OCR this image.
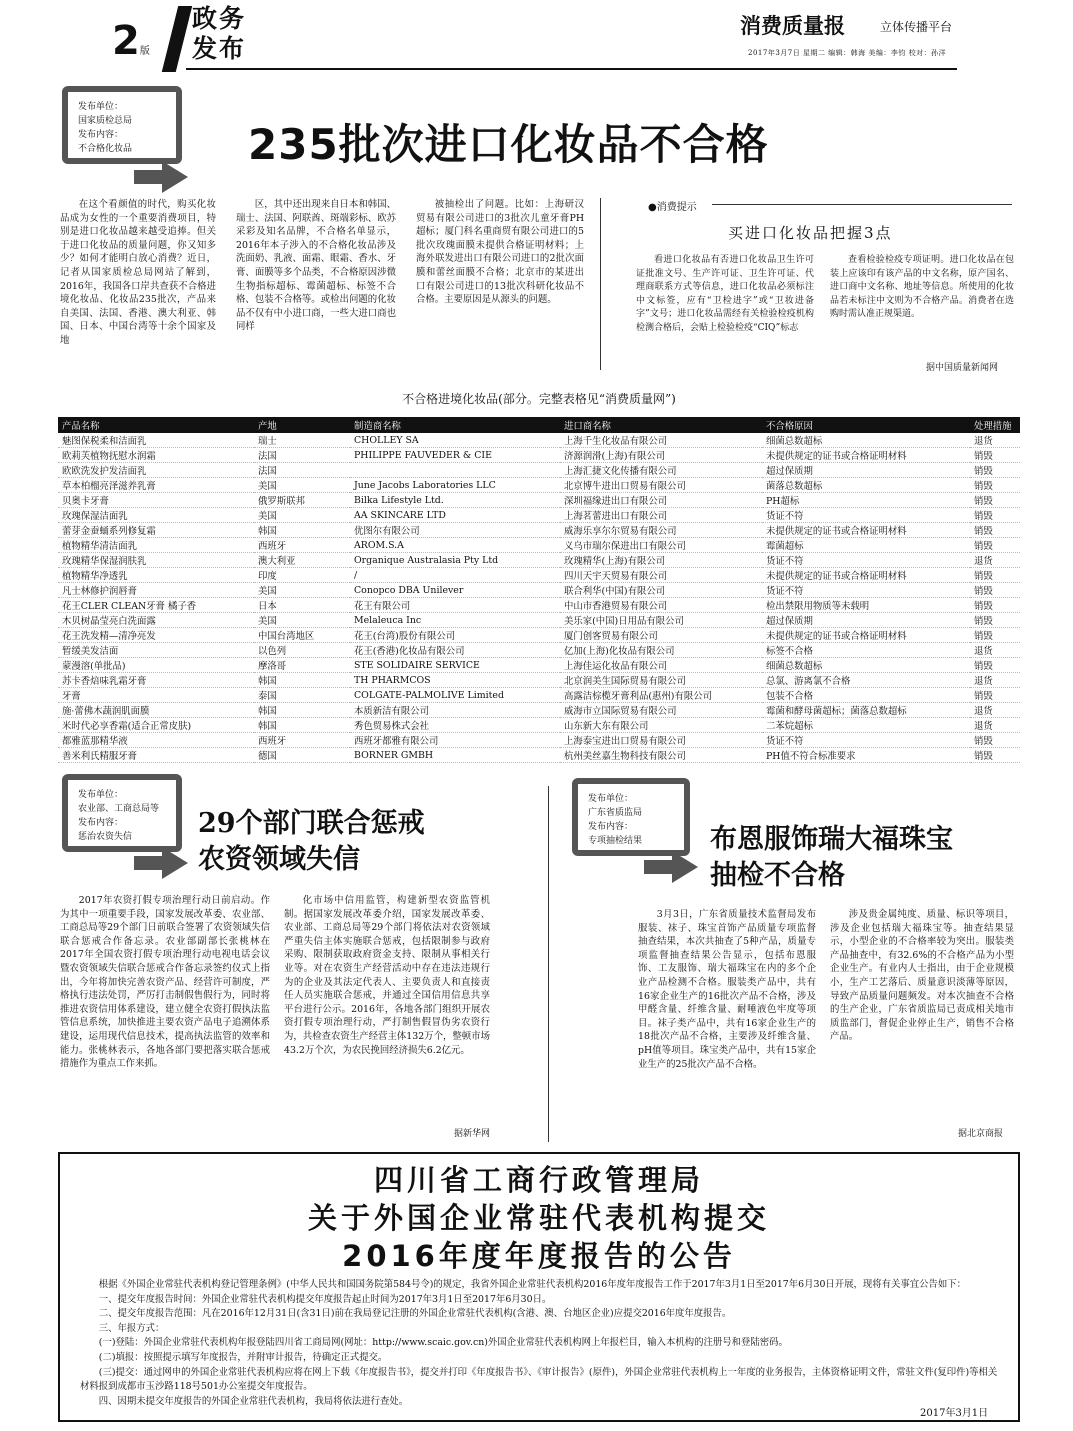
2版
政务
发布
消费质量报	立体传播平台
2017年3月7日 星期二 编辑：韩海 美编：李钧 校对：孙洋
发布单位：
国家质检总局
发布内容：
不合格化妆品	235批次进口化妆品不合格
在这个看颜值的时代，购买化妆品成为女性的一个重要消费项目，特别是进口化妆品越来越受追捧。但关于进口化妆品的质量问题，你又知多少？如何才能明白放心消费？近日，记者从国家质检总局网站了解到，2016年，我国各口岸共查获不合格进境化妆品、化妆品235批次，产品来自美国、法国、香港、澳大利亚、韩国、日本、中国台湾等十余个国家及地
区，其中还出现来自日本和韩国、瑞士、法国、阿联酋、斑端彩标、欧苏采彩及知名品牌，不合格名单显示，2016年本子涉入的不合格化妆品涉及洗面奶、乳液、面霜、眼霜、香水、牙膏、面膜等多个品类，不合格原因涉微生物指标超标、霉菌超标、标签不合格、包装不合格等。或检出问题的化妆品不仅有中小进口商，一些大进口商也同样
被抽检出了问题。比如：上海研汉贸易有限公司进口的3批次儿童牙膏PH超标；厦门科名重商贸有限公司进口的5批次玫瑰面膜未提供合格证明材料；上海外联发进出口有限公司进口的2批次面膜和蕾丝面膜不合格；北京市的某进出口有限公司进口的13批次科研化妆品不合格。主要原因是从源头的问题。
●消费提示
买进口化妆品把握3点
看进口化妆品有否进口化妆品卫生许可证批准文号、生产许可证、卫生许可证、代理商联系方式等信息，进口化妆品必须标注中文标签，应有“卫检进字”或“卫妆进备字”文号；进口化妆品需经有关检验检疫机构检测合格后，会贴上检验检疫“CIQ”标志
查看检验检疫专项证明。进口化妆品在包装上应该印有该产品的中文名称，原产国名、进口商中文名称、地址等信息。所使用的化妆品若未标注中文则为不合格产品。消费者在选购时需认准正规渠道。
据中国质量新闻网
不合格进境化妆品(部分。完整表格见“消费质量网”)
产品名称	产地	制造商名称	进口商名称	不合格原因	处理措施
魅图保税柔和洁面乳	瑞士	CHOLLEY SA	上海千生化妆品有限公司	细菌总数超标	退货
欧莉芙植物抚慰水润霜	法国	PHILIPPE FAUVEDER & CIE	济源润滑(上海)有限公司	未提供规定的证书或合格证明材料	销毁
欧欧洗发护发洁面乳	法国		上海汇捷文化传播有限公司	超过保质期	销毁
草本柏榴亮泽滋养乳膏	美国	June Jacobs Laboratories LLC	北京博牛进出口贸易有限公司	菌落总数超标	销毁
贝奥卡牙膏	俄罗斯联邦	Bilka Lifestyle Ltd.	深圳福缘进出口有限公司	PH超标	销毁
玫瑰保湿洁面乳	美国	AA SKINCARE LTD	上海茗蕾进出口有限公司	货证不符	销毁
蕾芽金蚕蛹系列修复霜	韩国	优图尔有限公司	威海乐享尔尔贸易有限公司	未提供规定的证书或合格证明材料	销毁
植物精华清洁面乳	西班牙	AROM.S.A	义乌市瑞尔保进出口有限公司	霉菌超标	销毁
玫瑰精华保湿润肤乳	澳大利亚	Organique Australasia Pty Ltd	玫瑰精华(上海)有限公司	货证不符	退货
植物精华净透乳	印度	/	四川天宇天贸易有限公司	未提供规定的证书或合格证明材料	销毁
凡士林修护润唇膏	美国	Conopco DBA Unilever	联合利华(中国)有限公司	货证不符	销毁
花王CLER CLEAN牙膏 橘子香	日本	花王有限公司	中山市香港贸易有限公司	检出禁限用物质等未载明	销毁
木贝树晶莹亮白洗面露	美国	Melaleuca Inc	美乐家(中国)日用品有限公司	超过保质期	销毁
花王洗发精—清净亮发	中国台湾地区	花王(台湾)股份有限公司	厦门创客贸易有限公司	未提供规定的证书或合格证明材料	销毁
暂缓美发洁面	以色列	花王(香港)化妆品有限公司	亿加(上海)化妆品有限公司	标签不合格	退货
蒙漫溶(单批品)	摩洛哥	STE SOLIDAIRE SERVICE	上海佳运化妆品有限公司	细菌总数超标	销毁
苏卡香焙味乳霜牙膏	韩国	TH PHARMCOS	北京润美生国际贸易有限公司	总氯、游离氯不合格	退货
牙膏	泰国	COLGATE-PALMOLIVE Limited	高露洁棕榄牙膏利品(惠州)有限公司	包装不合格	销毁
施·蕾佛木蔬润肌面膜	韩国	本质新洁有限公司	威海市立国际贸易有限公司	霉菌和酵母菌超标；菌落总数超标	退货
米时代必享香霜(适合正常皮肤)	韩国	秀色贸易株式会社	山东新大东有限公司	二苯烷超标	退货
都雅蓝那精华液	西班牙	西班牙都雅有限公司	上海泰宝进出口贸易有限公司	货证不符	销毁
善米利氏精服牙膏	德国	BORNER GMBH	杭州美丝嘉生物科技有限公司	PH值不符合标准要求	销毁
发布单位：
农业部、工商总局等
发布内容：
惩治农资失信	29个部门联合惩戒
农资领域失信
2017年农资打假专项治理行动日前启动。作为其中一项重要手段，国家发展改革委、农业部、工商总局等29个部门日前联合签署了农资领域失信联合惩戒合作备忘录。农业部副部长张桃林在2017年全国农资打假专项治理行动电视电话会议暨农资领域失信联合惩戒合作备忘录签约仪式上指出，今年将加快完善农资产品、经营许可制度，严格执行违法处罚，严厉打击制假售假行为，同时将推进农资信用体系建设，建立健全农资打假执法监管信息系统，加快推进主要农资产品电子追溯体系建设，运用现代信息技术，提高执法监管的效率和能力。张桃林表示，各地各部门要把落实联合惩戒措施作为重点工作来抓。
化市场中信用监管，构建新型农资监管机制。据国家发展改革委介绍，国家发展改革委、农业部、工商总局等29个部门将依法对农资领域严重失信主体实施联合惩戒，包括限制参与政府采购、限制获取政府资金支持、限制从事相关行业等。对在农资生产经营活动中存在违法违规行为的企业及其法定代表人、主要负责人和直接责任人员实施联合惩戒，并通过全国信用信息共享平台进行公示。2016年，各地各部门组织开展农资打假专项治理行动，严打制售假冒伪劣农资行为，共检查农资生产经营主体132万个，整顿市场43.2万个次，为农民挽回经济损失6.2亿元。
据新华网
发布单位：
广东省质监局
发布内容：
专项抽检结果	布恩服饰瑞大福珠宝
抽检不合格
3月3日，广东省质量技术监督局发布服装、袜子、珠宝首饰产品质量专项监督抽查结果，本次共抽查了5种产品，质量专项监督抽查结果公告显示，包括布恩服饰、工友服饰、瑞大福珠宝在内的多个企业产品检测不合格。服装类产品中，共有16家企业生产的16批次产品不合格，涉及甲醛含量、纤维含量、耐唾液色牢度等项目。袜子类产品中，共有16家企业生产的18批次产品不合格，主要涉及纤维含量、pH值等项目。珠宝类产品中，共有15家企业生产的25批次产品不合格。
涉及贵金属纯度、质量、标识等项目，涉及企业包括瑞大福珠宝等。抽查结果显示，小型企业的不合格率较为突出。服装类产品抽查中，有32.6%的不合格产品为小型企业生产。有业内人士指出，由于企业规模小，生产工艺落后、质量意识淡薄等原因，导致产品质量问题频发。对本次抽查不合格的生产企业，广东省质监局已责成相关地市质监部门，督促企业停止生产，销售不合格产品。
据北京商报
四川省工商行政管理局
关于外国企业常驻代表机构提交
2016年度年度报告的公告
根据《外国企业常驻代表机构登记管理条例》(中华人民共和国国务院第584号令)的规定，我省外国企业常驻代表机构2016年度年度报告工作于2017年3月1日至2017年6月30日开展，现将有关事宜公告如下：
一、提交年度报告时间：外国企业常驻代表机构提交年度报告起止时间为2017年3月1日至2017年6月30日。
二、提交年度报告范围：凡在2016年12月31日(含31日)前在我局登记注册的外国企业常驻代表机构(含港、澳、台地区企业)应提交2016年度年度报告。
三、年报方式：
(一)登陆：外国企业常驻代表机构年报登陆四川省工商局网(网址：http://www.scaic.gov.cn)外国企业常驻代表机构网上年报栏目，输入本机构的注册号和登陆密码。
(二)填报：按照提示填写年度报告，并附审计报告，待确定正式提交。
(三)提交：通过网申的外国企业常驻代表机构应将在网上下载《年度报告书》，提交并打印《年度报告书》、《审计报告》(原件)，外国企业常驻代表机构上一年度的业务报告，主体资格证明文件，常驻文件(复印件)等相关材料报到成都市玉沙路118号501办公室提交年度报告。
四、因期未提交年度报告的外国企业常驻代表机构，我局将依法进行查处。
2017年3月1日
